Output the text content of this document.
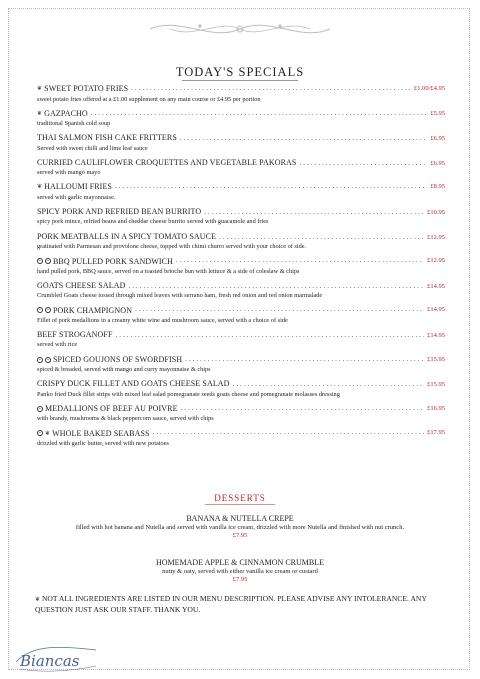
TODAY'S SPECIALS
❦ SWEET POTATO FRIES .....	£1.00/£4.95
sweet potato fries offered at a £1.00 supplement on any main course or £4.95 per portion
❦ GAZPACHO .....	£5.95
traditional Spanish cold soup
THAI SALMON FISH CAKE FRITTERS .....	£6.95
Served with sweet chilli and lime leaf sauce
CURRIED CAULIFLOWER CROQUETTES AND VEGETABLE PAKORAS .....	£6.95
served with mango mayo
❦ HALLOUMI FRIES .....	£8.95
served with garlic mayonnaise.
SPICY PORK AND REFRIED BEAN BURRITO .....	£10.95
spicy pork mince, refried beans and cheddar cheese burrito served with guacamole and fries
PORK MEATBALLS IN A SPICY TOMATO SAUCE .....	£12.95
gratinated with Parmesan and provolone cheese, topped with chimi churro served with your choice of side.
•	• BBQ PULLED PORK SANDWICH .....	£12.95
hand pulled pork, BBQ sauce, served on a toasted brioche bun with lettuce & a side of coleslaw & chips
GOATS CHEESE SALAD .....	£14.95
Crumbled Goats cheese tossed through mixed leaves with serrano ham, fresh red onion and red onion marmalade
•	• PORK CHAMPIGNON .....	£14.95
Fillet of pork medallions in a creamy white wine and mushroom sauce, served with a choice of side
BEEF STROGANOFF .....	£14.95
served with rice
•	• SPICED GOUJONS OF SWORDFISH .....	£15.95
spiced & breaded, served with mango and curry mayonnaise & chips
CRISPY DUCK FILLET AND GOATS CHEESE SALAD .....	£15.95
Panko fried Duck fillet strips with mixed leaf salad pomegranate seeds goats cheese and pomegranate molasses dressing
• MEDALLIONS OF BEEF AU POIVRE .....	£16.95
with brandy, mushrooms & black peppercorn sauce, served with chips
• ❦ WHOLE BAKED SEABASS .....	£17.95
drizzled with garlic butter, served with new potatoes
DESSERTS
BANANA & NUTELLA CREPE
filled with hot banana and Nutella and served with vanilla ice cream, drizzled with more Nutella and finished with nut crunch.
£7.95
HOMEMADE APPLE & CINNAMON CRUMBLE
nutty & oaty, served with either vanilla ice cream or custard
£7.95
❦ NOT ALL INGREDIENTS ARE LISTED IN OUR MENU DESCRIPTION. PLEASE ADVISE ANY INTOLERANCE. ANY QUESTION JUST ASK OUR STAFF. THANK YOU.
Biancas
